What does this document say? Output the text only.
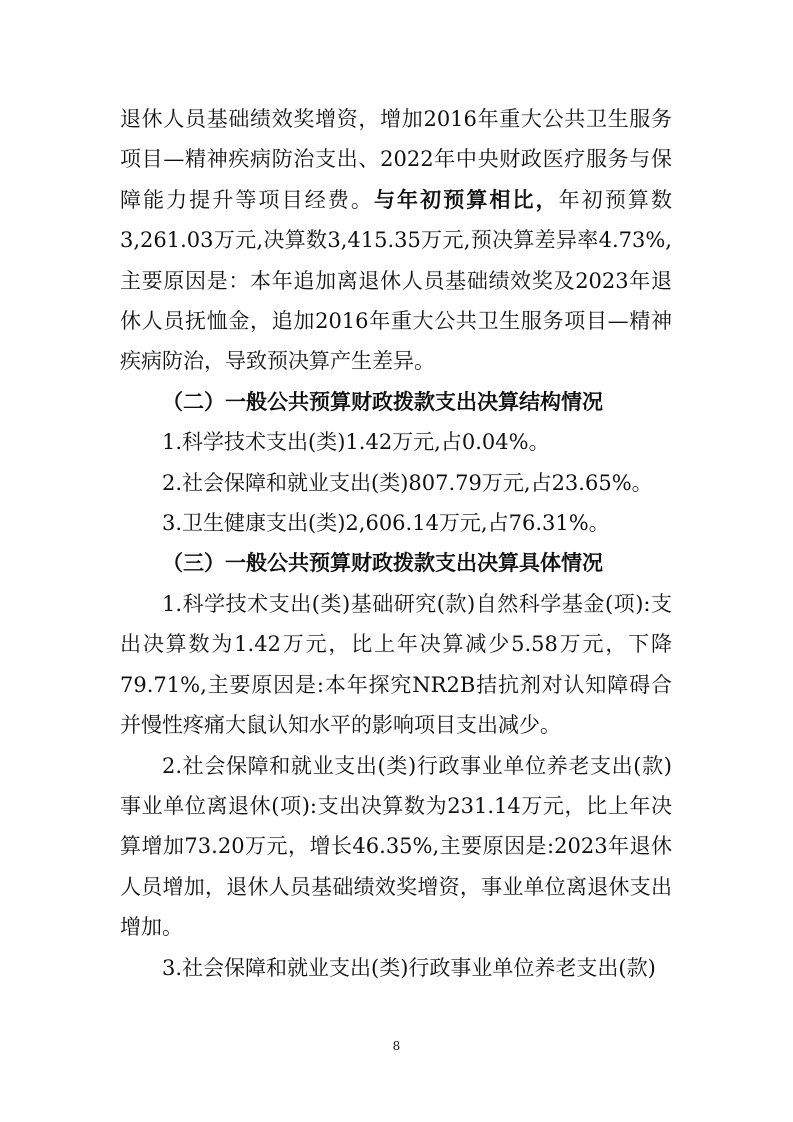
退休人员基础绩效奖增资，增加2016年重大公共卫生服务项目—精神疾病防治支出、2022年中央财政医疗服务与保障能力提升等项目经费。与年初预算相比，年初预算数3,261.03万元,决算数3,415.35万元,预决算差异率4.73%,主要原因是：本年追加离退休人员基础绩效奖及2023年退休人员抚恤金，追加2016年重大公共卫生服务项目—精神疾病防治，导致预决算产生差异。

（二）一般公共预算财政拨款支出决算结构情况

1.科学技术支出(类)1.42万元,占0.04%。

2.社会保障和就业支出(类)807.79万元,占23.65%。

3.卫生健康支出(类)2,606.14万元,占76.31%。

（三）一般公共预算财政拨款支出决算具体情况

1.科学技术支出(类)基础研究(款)自然科学基金(项):支出决算数为1.42万元，比上年决算减少5.58万元，下降79.71%,主要原因是:本年探究NR2B拮抗剂对认知障碍合并慢性疼痛大鼠认知水平的影响项目支出减少。

2.社会保障和就业支出(类)行政事业单位养老支出(款)事业单位离退休(项):支出决算数为231.14万元，比上年决算增加73.20万元，增长46.35%,主要原因是:2023年退休人员增加，退休人员基础绩效奖增资，事业单位离退休支出增加。

3.社会保障和就业支出(类)行政事业单位养老支出(款)

8
